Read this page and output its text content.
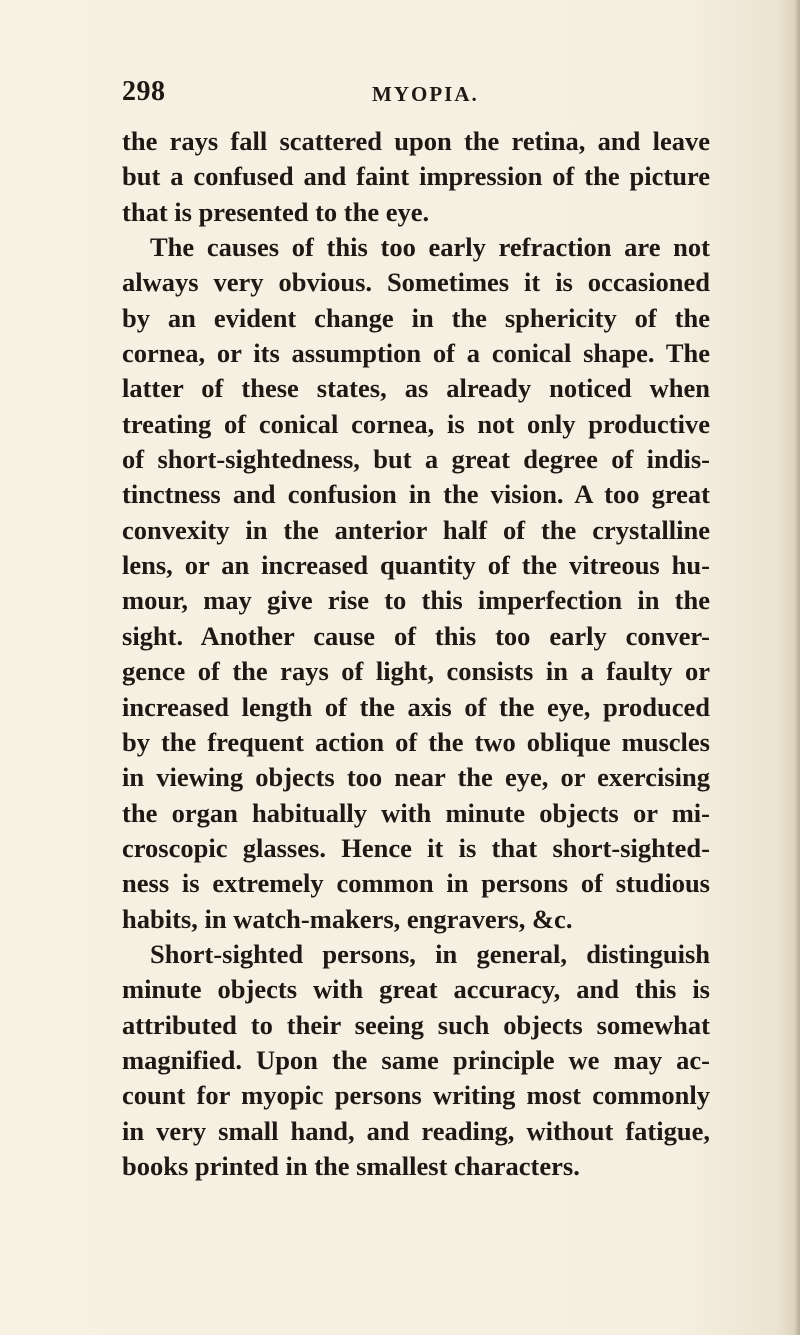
298	MYOPIA.
the rays fall scattered upon the retina, and leave
but a confused and faint impression of the picture
that is presented to the eye.
The causes of this too early refraction are not
always very obvious. Sometimes it is occasioned
by an evident change in the sphericity of the
cornea, or its assumption of a conical shape. The
latter of these states, as already noticed when
treating of conical cornea, is not only productive
of short-sightedness, but a great degree of indis-
tinctness and confusion in the vision. A too great
convexity in the anterior half of the crystalline
lens, or an increased quantity of the vitreous hu-
mour, may give rise to this imperfection in the
sight. Another cause of this too early conver-
gence of the rays of light, consists in a faulty or
increased length of the axis of the eye, produced
by the frequent action of the two oblique muscles
in viewing objects too near the eye, or exercising
the organ habitually with minute objects or mi-
croscopic glasses. Hence it is that short-sighted-
ness is extremely common in persons of studious
habits, in watch-makers, engravers, &c.
Short-sighted persons, in general, distinguish
minute objects with great accuracy, and this is
attributed to their seeing such objects somewhat
magnified. Upon the same principle we may ac-
count for myopic persons writing most commonly
in very small hand, and reading, without fatigue,
books printed in the smallest characters.
